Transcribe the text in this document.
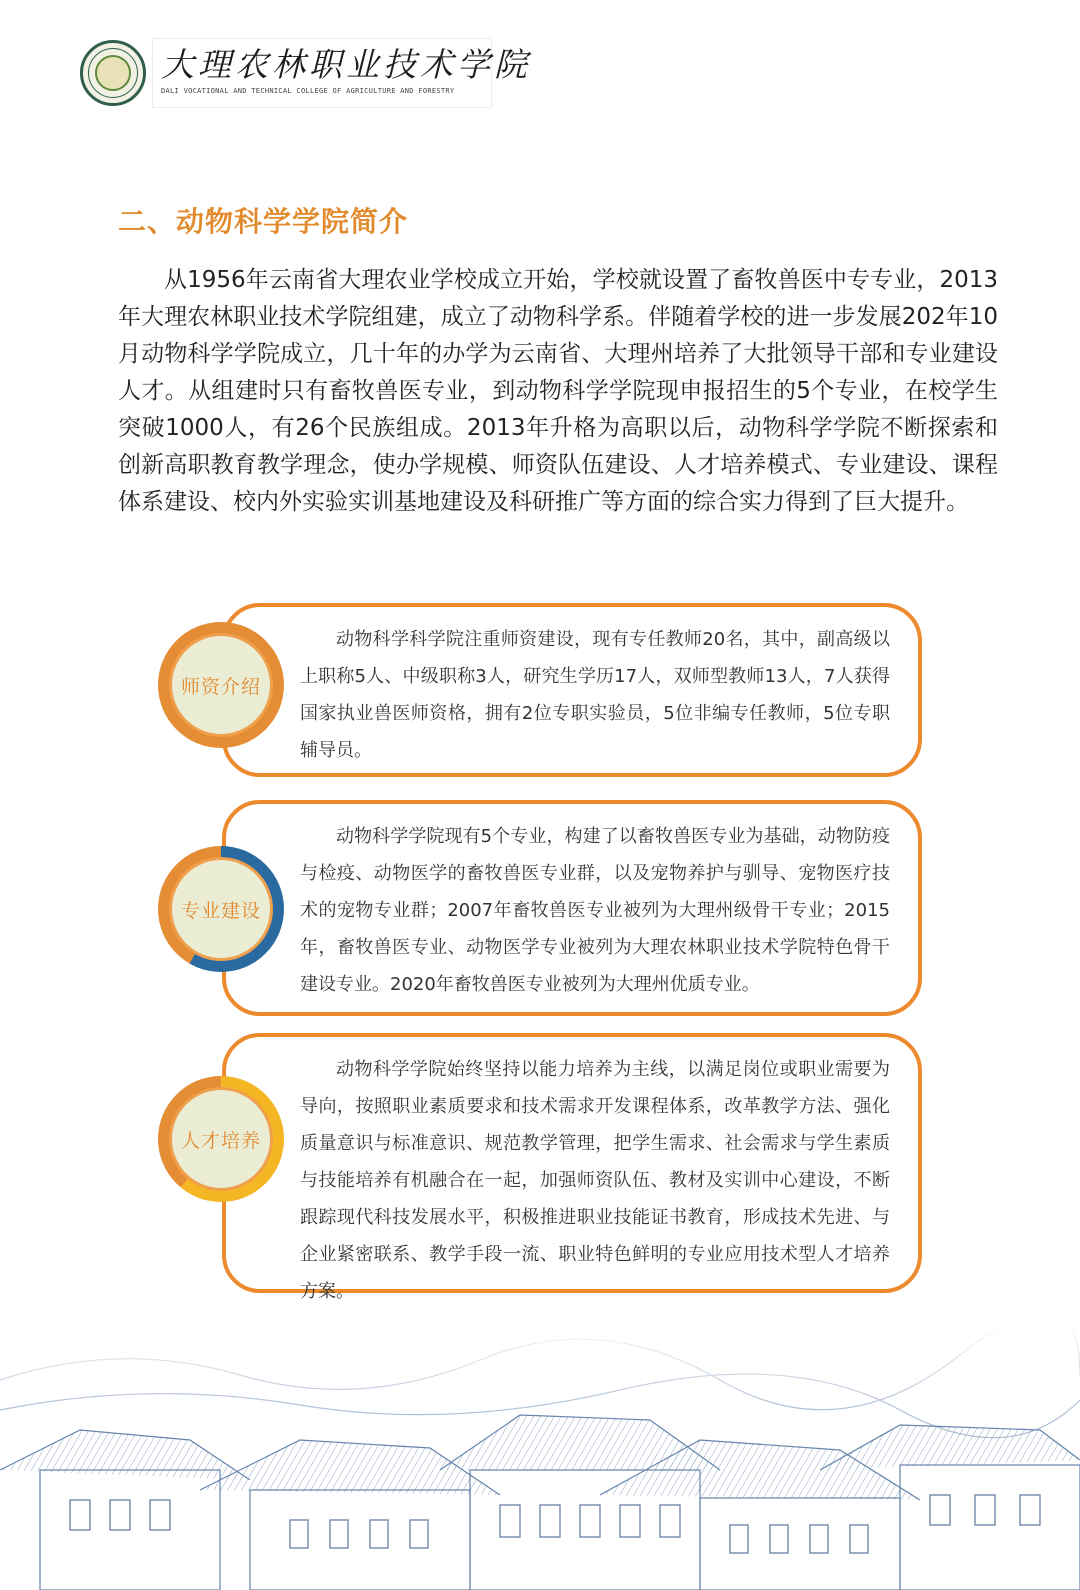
大理农林职业技术学院
DALI VOCATIONAL AND TECHNICAL COLLEGE OF AGRICULTURE AND FORESTRY
二、动物科学学院简介

从1956年云南省大理农业学校成立开始，学校就设置了畜牧兽医中专专业，2013年大理农林职业技术学院组建，成立了动物科学系。伴随着学校的进一步发展202年10月动物科学学院成立，几十年的办学为云南省、大理州培养了大批领导干部和专业建设人才。从组建时只有畜牧兽医专业，到动物科学学院现申报招生的5个专业，在校学生突破1000人，有26个民族组成。2013年升格为高职以后，动物科学学院不断探索和创新高职教育教学理念，使办学规模、师资队伍建设、人才培养模式、专业建设、课程体系建设、校内外实验实训基地建设及科研推广等方面的综合实力得到了巨大提升。

动物科学科学院注重师资建设，现有专任教师20名，其中，副高级以上职称5人、中级职称3人，研究生学历17人，双师型教师13人，7人获得国家执业兽医师资格，拥有2位专职实验员，5位非编专任教师，5位专职辅导员。
师资介绍
动物科学学院现有5个专业，构建了以畜牧兽医专业为基础，动物防疫与检疫、动物医学的畜牧兽医专业群，以及宠物养护与驯导、宠物医疗技术的宠物专业群；2007年畜牧兽医专业被列为大理州级骨干专业；2015年，畜牧兽医专业、动物医学专业被列为大理农林职业技术学院特色骨干建设专业。2020年畜牧兽医专业被列为大理州优质专业。
专业建设
动物科学学院始终坚持以能力培养为主线，以满足岗位或职业需要为导向，按照职业素质要求和技术需求开发课程体系，改革教学方法、强化质量意识与标准意识、规范教学管理，把学生需求、社会需求与学生素质与技能培养有机融合在一起，加强师资队伍、教材及实训中心建设，不断跟踪现代科技发展水平，积极推进职业技能证书教育，形成技术先进、与企业紧密联系、教学手段一流、职业特色鲜明的专业应用技术型人才培养方案。
人才培养
